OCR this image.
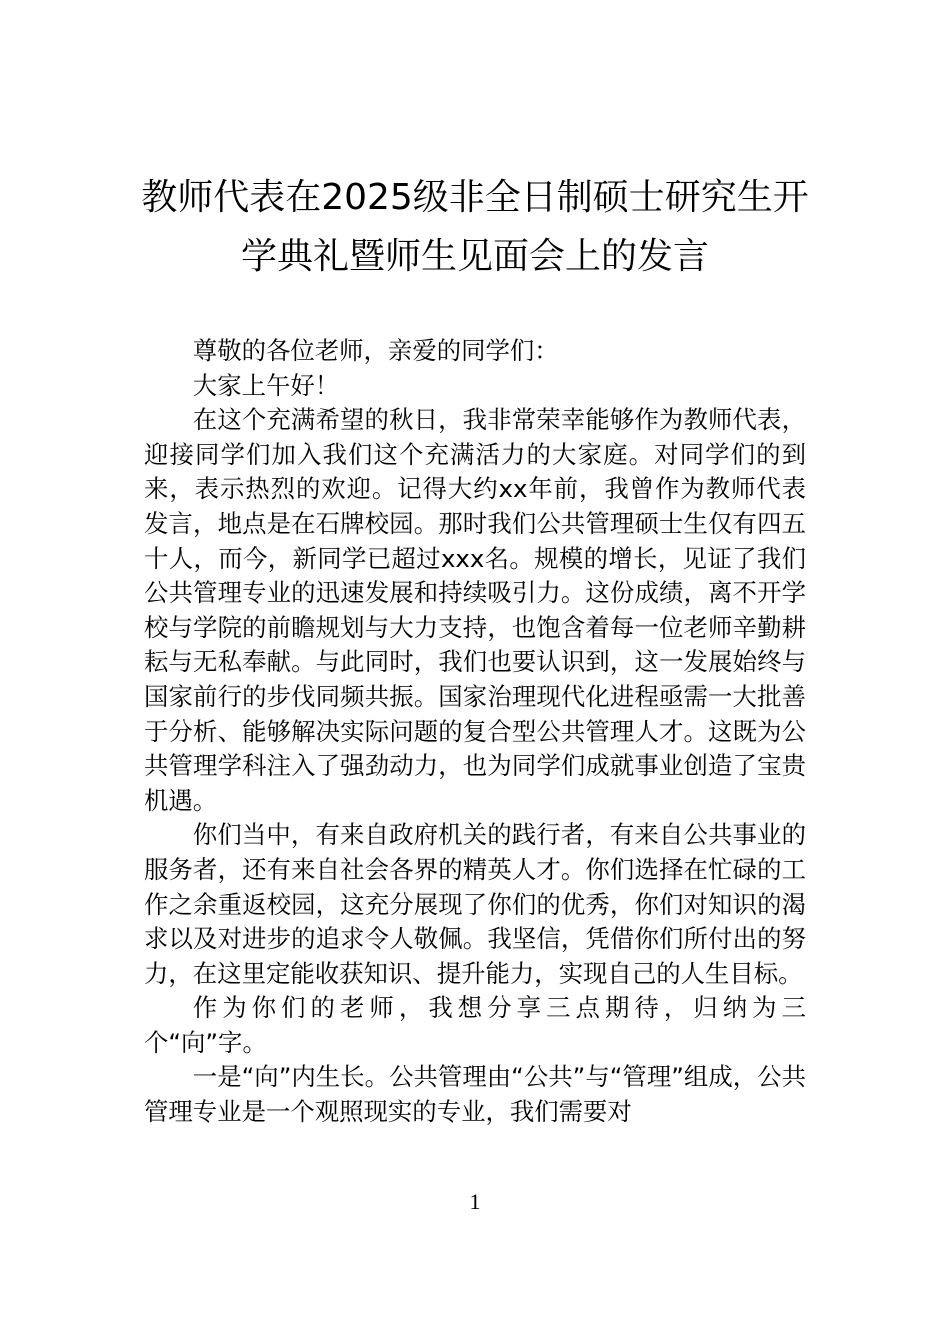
教师代表在2025级非全日制硕士研究生开
学典礼暨师生见面会上的发言

尊敬的各位老师，亲爱的同学们：

大家上午好！

在这个充满希望的秋日，我非常荣幸能够作为教师代表，迎接同学们加入我们这个充满活力的大家庭。对同学们的到来，表示热烈的欢迎。记得大约xx年前，我曾作为教师代表发言，地点是在石牌校园。那时我们公共管理硕士生仅有四五十人，而今，新同学已超过xxx名。规模的增长，见证了我们公共管理专业的迅速发展和持续吸引力。这份成绩，离不开学校与学院的前瞻规划与大力支持，也饱含着每一位老师辛勤耕耘与无私奉献。与此同时，我们也要认识到，这一发展始终与国家前行的步伐同频共振。国家治理现代化进程亟需一大批善于分析、能够解决实际问题的复合型公共管理人才。这既为公共管理学科注入了强劲动力，也为同学们成就事业创造了宝贵机遇。

你们当中，有来自政府机关的践行者，有来自公共事业的服务者，还有来自社会各界的精英人才。你们选择在忙碌的工作之余重返校园，这充分展现了你们的优秀，你们对知识的渴求以及对进步的追求令人敬佩。我坚信，凭借你们所付出的努力，在这里定能收获知识、提升能力，实现自己的人生目标。

作为你们的老师，我想分享三点期待，归纳为三个“向”字。

一是“向”内生长。公共管理由“公共”与“管理”组成，公共管理专业是一个观照现实的专业，我们需要对

1
